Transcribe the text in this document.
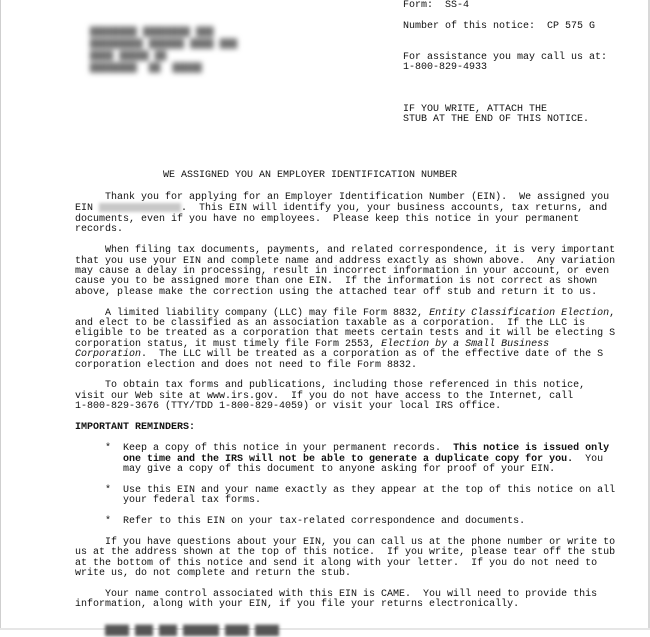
Form:  SS-4
Number of this notice:  CP 575 G
For assistance you may call us at:
1-800-829-4933
IF YOU WRITE, ATTACH THE
STUB AT THE END OF THIS NOTICE.
████████ ████████ ███
█████████ ██████ ████ ███
████ █████ ██
████████  ██  █████
WE ASSIGNED YOU AN EMPLOYER IDENTIFICATION NUMBER
Thank you for applying for an Employer Identification Number (EIN).  We assigned you
EIN	.  This EIN will identify you, your business accounts, tax returns, and
documents, even if you have no employees.  Please keep this notice in your permanent
records.
When filing tax documents, payments, and related correspondence, it is very important
that you use your EIN and complete name and address exactly as shown above.  Any variation
may cause a delay in processing, result in incorrect information in your account, or even
cause you to be assigned more than one EIN.  If the information is not correct as shown
above, please make the correction using the attached tear off stub and return it to us.
A limited liability company (LLC) may file Form 8832, Entity Classification Election,
and elect to be classified as an association taxable as a corporation.  If the LLC is
eligible to be treated as a corporation that meets certain tests and it will be electing S
corporation status, it must timely file Form 2553, Election by a Small Business
Corporation.  The LLC will be treated as a corporation as of the effective date of the S
corporation election and does not need to file Form 8832.
To obtain tax forms and publications, including those referenced in this notice,
visit our Web site at www.irs.gov.  If you do not have access to the Internet, call
1-800-829-3676 (TTY/TDD 1-800-829-4059) or visit your local IRS office.
IMPORTANT REMINDERS:
*	Keep a copy of this notice in your permanent records.  This notice is issued only
one time and the IRS will not be able to generate a duplicate copy for you.  You
may give a copy of this document to anyone asking for proof of your EIN.
*	Use this EIN and your name exactly as they appear at the top of this notice on all
your federal tax forms.
*	Refer to this EIN on your tax-related correspondence and documents.
If you have questions about your EIN, you can call us at the phone number or write to
us at the address shown at the top of this notice.  If you write, please tear off the stub
at the bottom of this notice and send it along with your letter.  If you do not need to
write us, do not complete and return the stub.
Your name control associated with this EIN is CAME.  You will need to provide this
information, along with your EIN, if you file your returns electronically.
████ ███ ███ ██████ ████ ████
